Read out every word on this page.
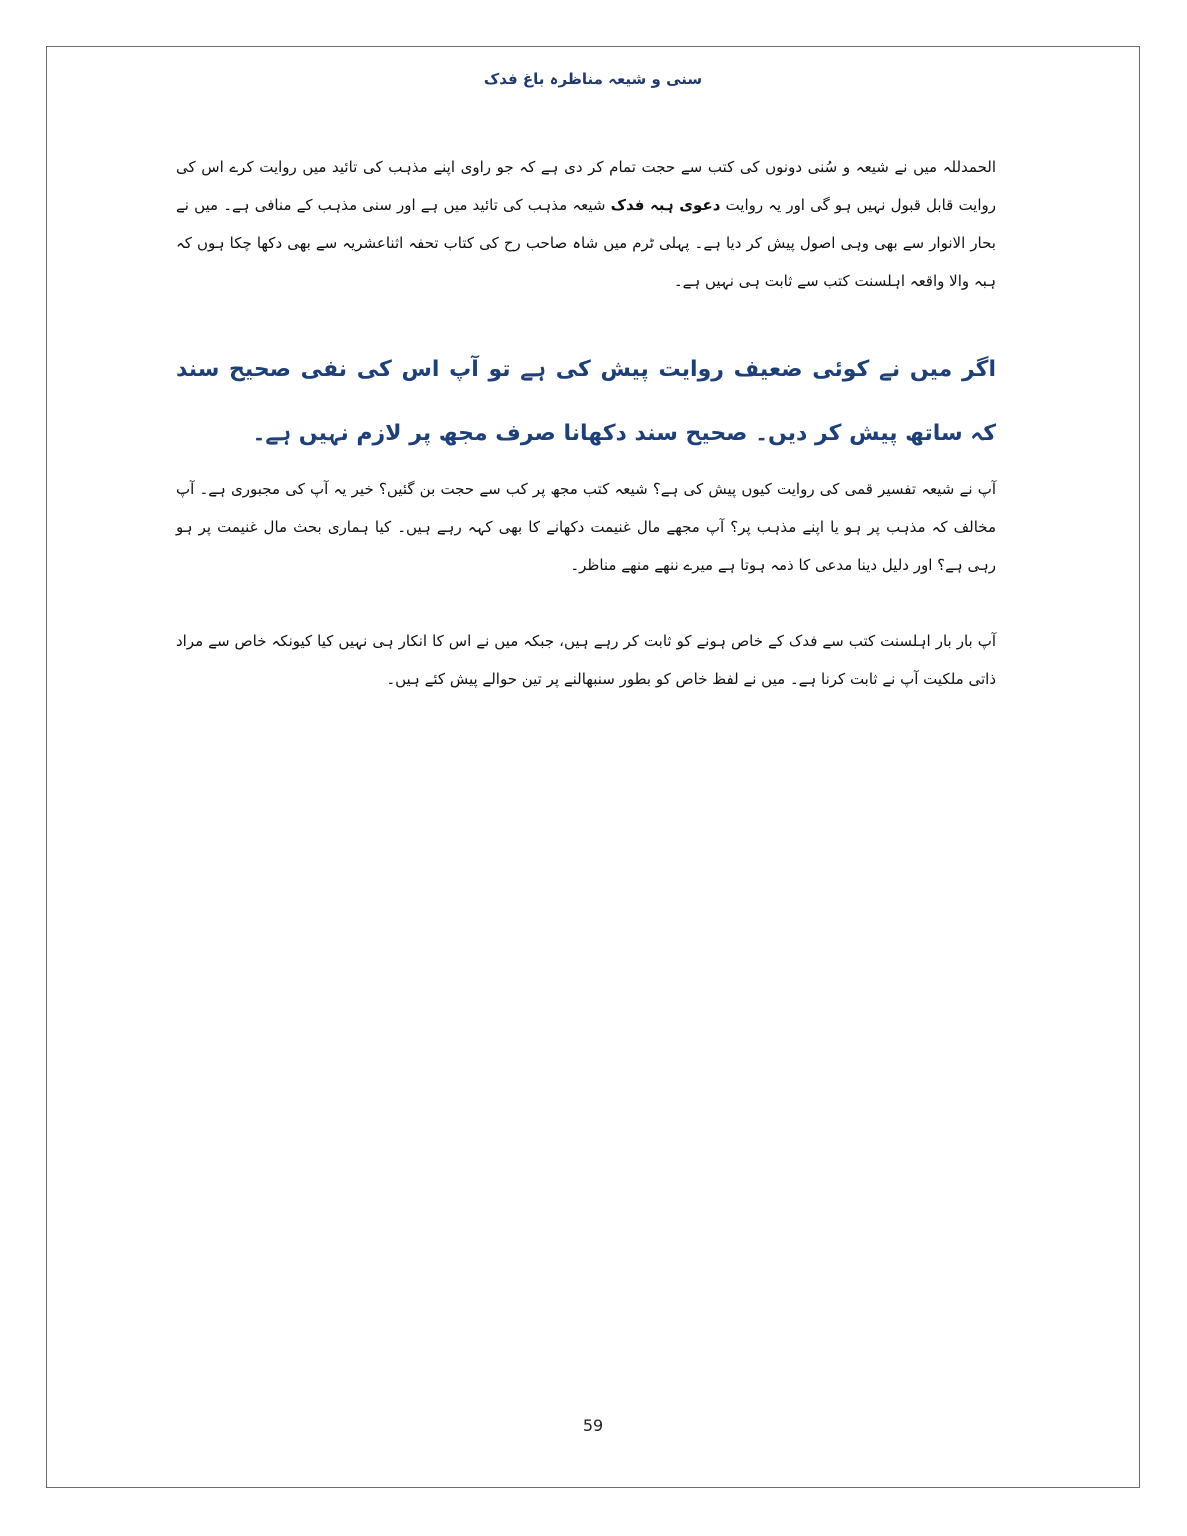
سنی و شیعہ مناظرہ باغ فدک

الحمدللہ میں نے شیعہ و سُنی دونوں کی کتب سے حجت تمام کر دی ہے کہ جو راوی اپنے مذہب کی تائید میں روایت کرے اس کی روایت قابل قبول نہیں ہو گی اور یہ روایت دعوی ہبہ فدک شیعہ مذہب کی تائید میں ہے اور سنی مذہب کے منافی ہے۔ میں نے بحار الانوار سے بھی وہی اصول پیش کر دیا ہے۔ پہلی ٹرم میں شاہ صاحب رح کی کتاب تحفہ اثناعشریہ سے بھی دکھا چکا ہوں کہ ہبہ والا واقعہ اہلسنت کتب سے ثابت ہی نہیں ہے۔

اگر میں نے کوئی ضعیف روایت پیش کی ہے تو آپ اس کی نفی صحیح سند کہ ساتھ پیش کر دیں۔ صحیح سند دکھانا صرف مجھ پر لازم نہیں ہے۔

آپ نے شیعہ تفسیر قمی کی روایت کیوں پیش کی ہے؟ شیعہ کتب مجھ پر کب سے حجت بن گئیں؟ خیر یہ آپ کی مجبوری ہے۔ آپ مخالف کہ مذہب پر ہو یا اپنے مذہب پر؟ آپ مجھے مال غنیمت دکھانے کا بھی کہہ رہے ہیں۔ کیا ہماری بحث مال غنیمت پر ہو رہی ہے؟ اور دلیل دینا مدعی کا ذمہ ہوتا ہے میرے ننھے منھے مناظر۔

آپ بار بار اہلسنت کتب سے فدک کے خاص ہونے کو ثابت کر رہے ہیں، جبکہ میں نے اس کا انکار ہی نہیں کیا کیونکہ خاص سے مراد ذاتی ملکیت آپ نے ثابت کرنا ہے۔ میں نے لفظ خاص کو بطور سنبھالنے پر تین حوالے پیش کئے ہیں۔

59
